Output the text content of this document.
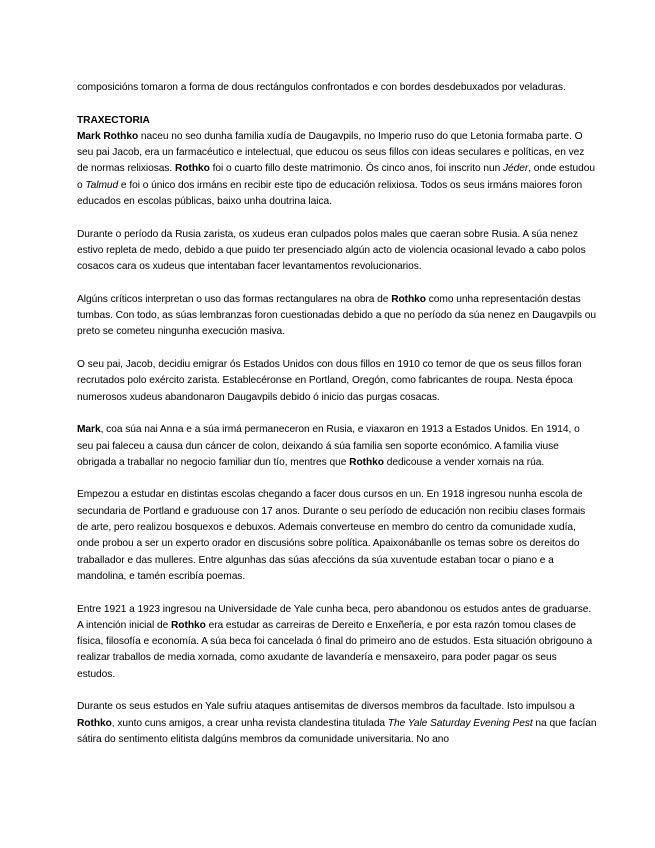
composicións tomaron a forma de dous rectángulos confrontados e con bordes desdebuxados por veladuras.

TRAXECTORIA

Mark Rothko naceu no seo dunha familia xudía de Daugavpils, no Imperio ruso do que Letonia formaba parte. O seu pai Jacob, era un farmacéutico e intelectual, que educou os seus fillos con ideas seculares e políticas, en vez de normas relixiosas. Rothko foi o cuarto fillo deste matrimonio. Ós cinco anos, foi inscrito nun Jéder, onde estudou o Talmud e foi o único dos irmáns en recibir este tipo de educación relixiosa. Todos os seus irmáns maiores foron educados en escolas públicas, baixo unha doutrina laica.

Durante o período da Rusia zarista, os xudeus eran culpados polos males que caeran sobre Rusia. A súa nenez estivo repleta de medo, debido a que puido ter presenciado algún acto de violencia ocasional levado a cabo polos cosacos cara os xudeus que intentaban facer levantamentos revolucionarios.

Algúns críticos interpretan o uso das formas rectangulares na obra de Rothko como unha representación destas tumbas. Con todo, as súas lembranzas foron cuestionadas debido a que no período da súa nenez en Daugavpils ou preto se cometeu ningunha execución masiva.

O seu pai, Jacob, decidiu emigrar ós Estados Unidos con dous fillos en 1910 co temor de que os seus fillos foran recrutados polo exército zarista. Establecéronse en Portland, Oregón, como fabricantes de roupa. Nesta época numerosos xudeus abandonaron Daugavpils debido ó inicio das purgas cosacas.

Mark, coa súa nai Anna e a súa irmá permaneceron en Rusia, e viaxaron en 1913 a Estados Unidos. En 1914, o seu pai faleceu a causa dun cáncer de colon, deixando á súa familia sen soporte económico. A familia viuse obrigada a traballar no negocio familiar dun tío, mentres que Rothko dedicouse a vender xornais na rúa.

Empezou a estudar en distintas escolas chegando a facer dous cursos en un. En 1918 ingresou nunha escola de secundaria de Portland e graduouse con 17 anos. Durante o seu período de educación non recibiu clases formais de arte, pero realizou bosquexos e debuxos. Ademais converteuse en membro do centro da comunidade xudía, onde probou a ser un experto orador en discusións sobre política. Apaixonábanlle os temas sobre os dereitos do traballador e das mulleres. Entre algunhas das súas afeccións da súa xuventude estaban tocar o piano e a mandolina, e tamén escribía poemas.

Entre 1921 a 1923 ingresou na Universidade de Yale cunha beca, pero abandonou os estudos antes de graduarse. A intención inicial de Rothko era estudar as carreiras de Dereito e Enxeñería, e por esta razón tomou clases de física, filosofía e economía. A súa beca foi cancelada ó final do primeiro ano de estudos. Esta situación obrigouno a realizar traballos de media xornada, como axudante de lavandería e mensaxeiro, para poder pagar os seus estudos.

Durante os seus estudos en Yale sufriu ataques antisemitas de diversos membros da facultade. Isto impulsou a Rothko, xunto cuns amigos, a crear unha revista clandestina titulada The Yale Saturday Evening Pest na que facían sátira do sentimento elitista dalgúns membros da comunidade universitaria. No ano
